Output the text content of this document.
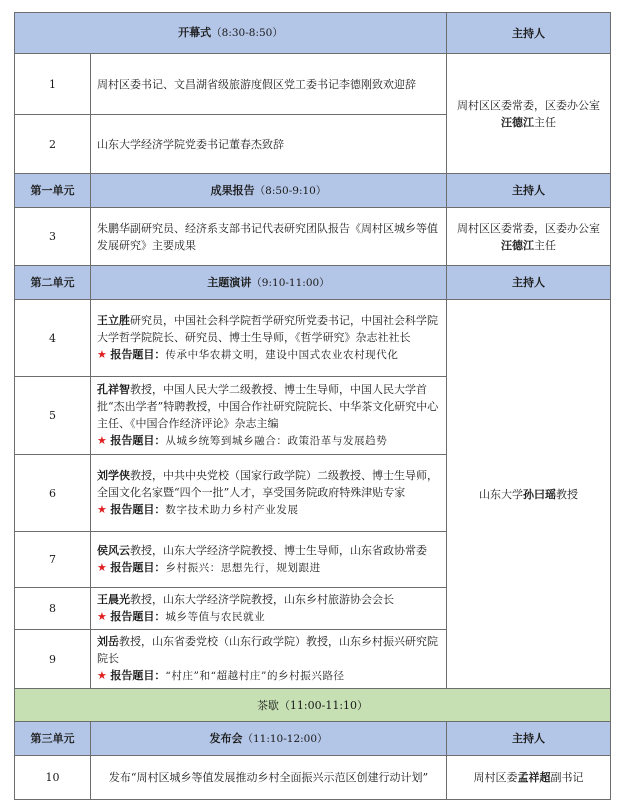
开幕式（8:30-8:50）		主持人
1	周村区委书记、文昌湖省级旅游度假区党工委书记李德刚致欢迎辞	周村区区委常委，区委办公室汪德江主任
2	山东大学经济学院党委书记董春杰致辞	
第一单元	成果报告（8:50-9:10）	主持人
3	朱鹏华副研究员、经济系支部书记代表研究团队报告《周村区城乡等值发展研究》主要成果	周村区区委常委，区委办公室汪德江主任
第二单元	主题演讲（9:10-11:00）	主持人
4	王立胜研究员，中国社会科学院哲学研究所党委书记，中国社会科学院大学哲学院院长、研究员、博士生导师，《哲学研究》杂志社社长
★ 报告题目：传承中华农耕文明，建设中国式农业农村现代化	山东大学孙曰瑶教授
5	孔祥智教授，中国人民大学二级教授、博士生导师，中国人民大学首批“杰出学者”特聘教授，中国合作社研究院院长、中华茶文化研究中心主任、《中国合作经济评论》杂志主编
★ 报告题目：从城乡统筹到城乡融合：政策沿革与发展趋势	

6	刘学侠教授，中共中央党校（国家行政学院）二级教授、博士生导师，全国文化名家暨“四个一批”人才，享受国务院政府特殊津贴专家
★ 报告题目：数字技术助力乡村产业发展	

7	侯风云教授，山东大学经济学院教授、博士生导师，山东省政协常委
★ 报告题目：乡村振兴：思想先行，规划跟进	

8	王晨光教授，山东大学经济学院教授，山东乡村旅游协会会长
★ 报告题目：城乡等值与农民就业	

9	刘岳教授，山东省委党校（山东行政学院）教授，山东乡村振兴研究院院长
★ 报告题目：“村庄”和“超越村庄”的乡村振兴路径	

茶歇（11:00-11:10）		
第三单元	发布会（11:10-12:00）	主持人
10	发布“周村区城乡等值发展推动乡村全面振兴示范区创建行动计划”	周村区委孟祥超副书记
